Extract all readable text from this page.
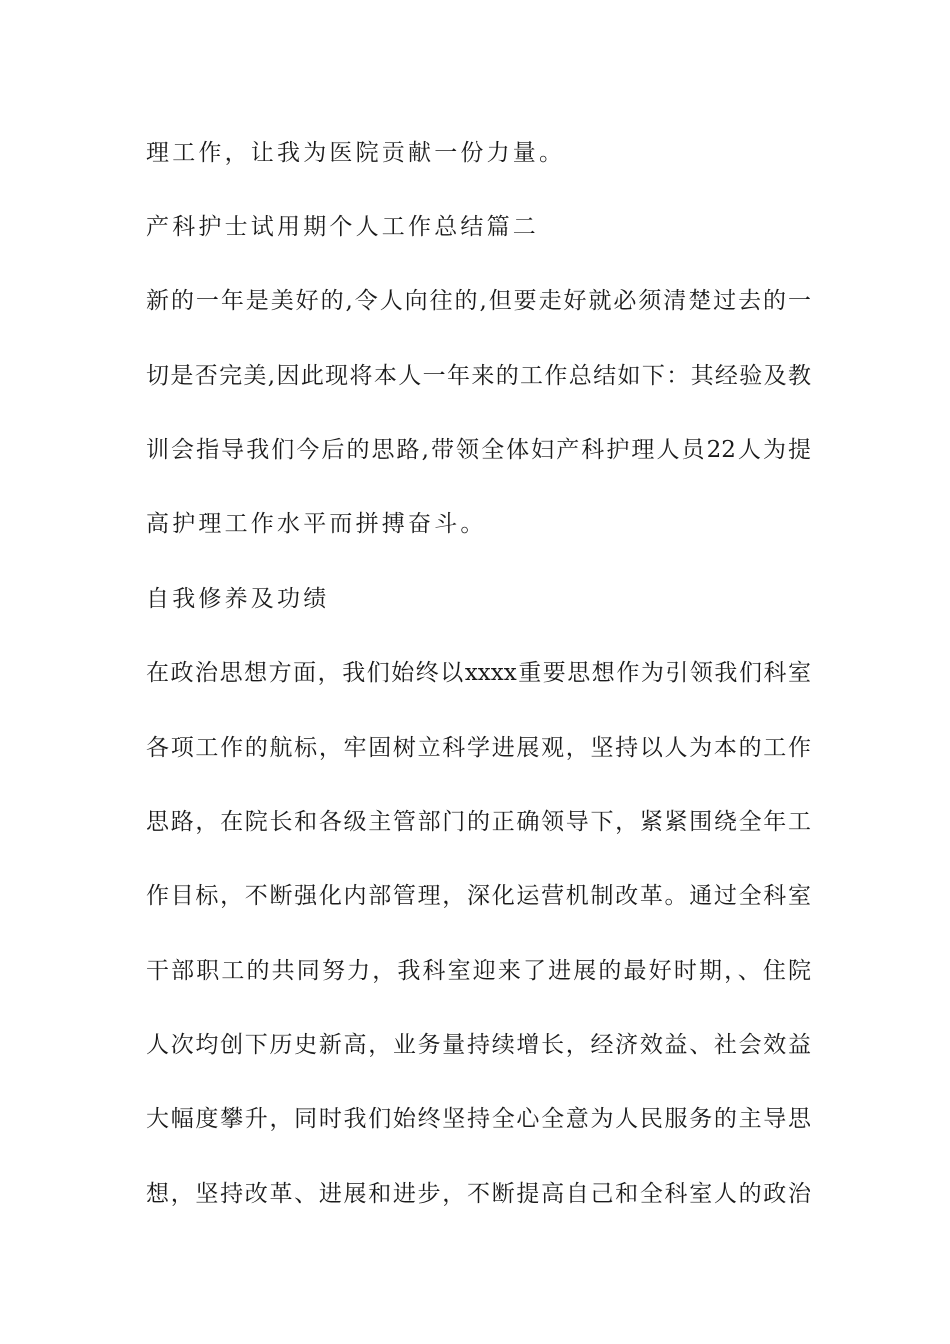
理工作，让我为医院贡献一份力量。
产科护士试用期个人工作总结篇二
新的一年是美好的,令人向往的,但要走好就必须清楚过去的一
切是否完美,因此现将本人一年来的工作总结如下：其经验及教
训会指导我们今后的思路,带领全体妇产科护理人员22人为提
高护理工作水平而拼搏奋斗。
自我修养及功绩
在政治思想方面，我们始终以xxxx重要思想作为引领我们科室
各项工作的航标，牢固树立科学进展观，坚持以人为本的工作
思路，在院长和各级主管部门的正确领导下，紧紧围绕全年工
作目标，不断强化内部管理，深化运营机制改革。通过全科室
干部职工的共同努力，我科室迎来了进展的最好时期，、住院
人次均创下历史新高，业务量持续增长，经济效益、社会效益
大幅度攀升，同时我们始终坚持全心全意为人民服务的主导思
想，坚持改革、进展和进步，不断提高自己和全科室人的政治
